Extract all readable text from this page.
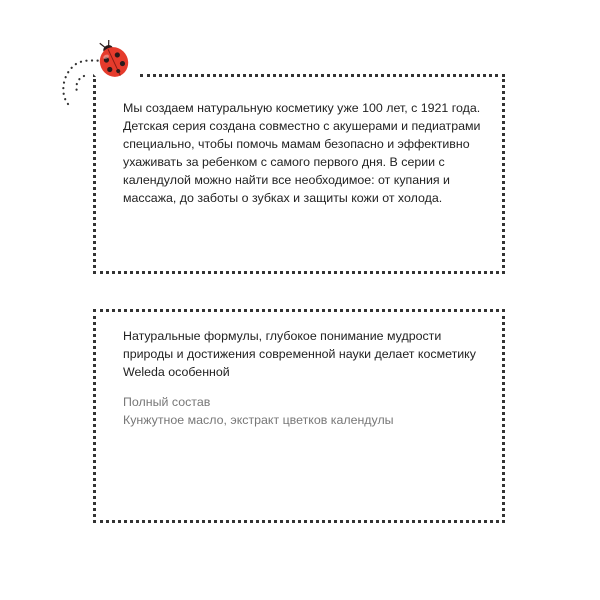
Мы создаем натуральную косметику уже 100 лет, с 1921 года. Детская серия создана совместно с акушерами и педиатрами специально, чтобы помочь мамам безопасно и эффективно ухаживать за ребенком с самого первого дня. В серии с календулой можно найти все необходимое: от купания и массажа, до заботы о зубках и защиты кожи от холода.
Натуральные формулы, глубокое понимание мудрости природы и достижения современной науки делает косметику Weleda особенной
Полный состав
Кунжутное масло, экстракт цветков календулы
